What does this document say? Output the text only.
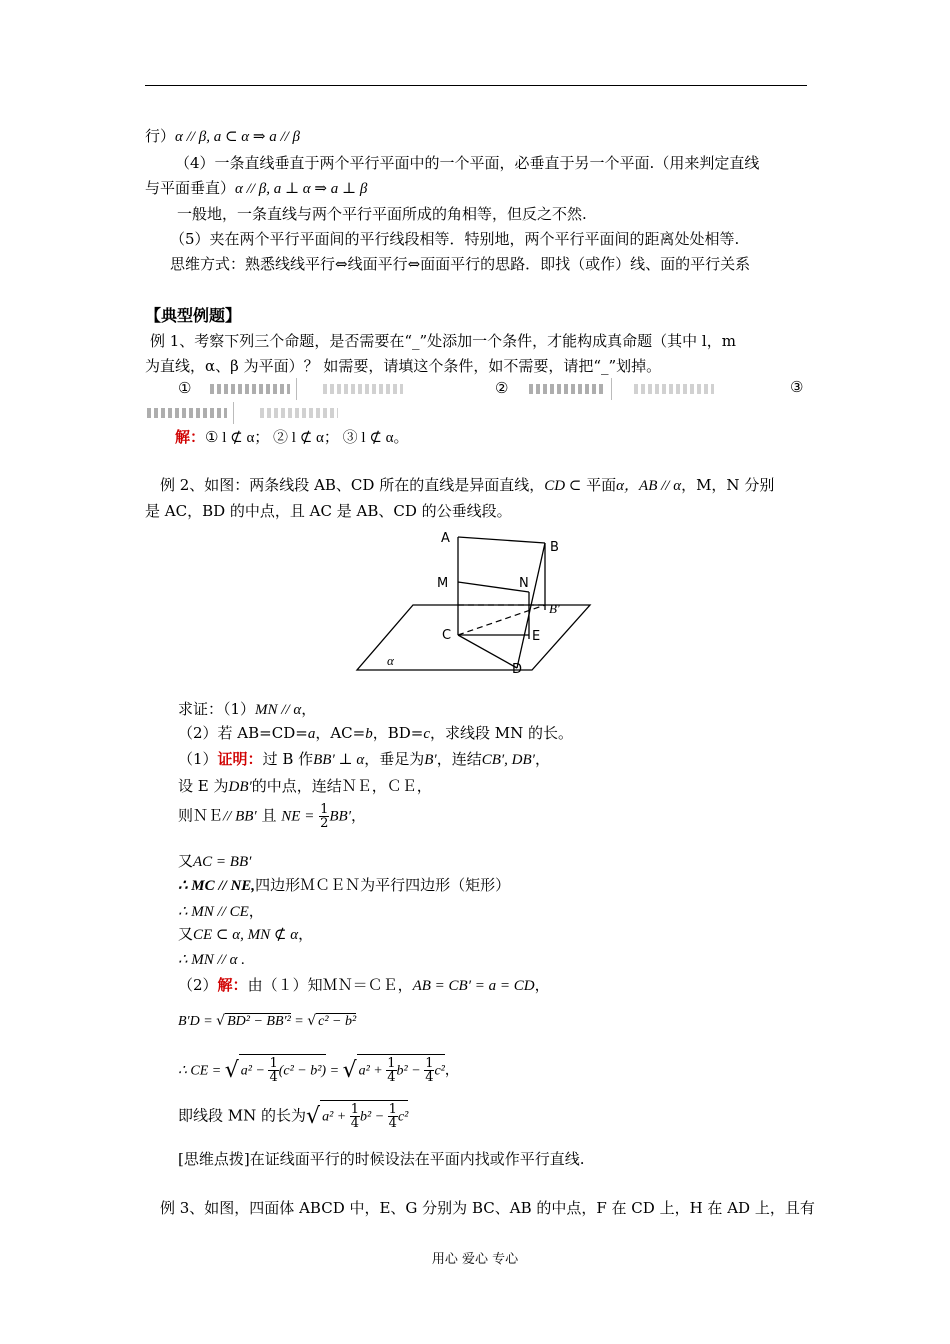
行）α // β, a ⊂ α ⇒ a // β
（4）一条直线垂直于两个平行平面中的一个平面，必垂直于另一个平面.（用来判定直线
与平面垂直）α // β, a ⊥ α ⇒ a ⊥ β
一般地，一条直线与两个平行平面所成的角相等，但反之不然.
（5）夹在两个平行平面间的平行线段相等．特别地，两个平行平面间的距离处处相等.
思维方式：熟悉线线平行⇔线面平行⇔面面平行的思路．即找（或作）线、面的平行关系
【典型例题】
例 1、考察下列三个命题，是否需要在“_”处添加一个条件，才能构成真命题（其中 l，m
为直线，α、β 为平面）？ 如需要，请填这个条件，如不需要，请把“_”划掉。
①	②	③
解：① l ⊄ α； ② l ⊄ α； ③ l ⊄ α。
例 2、如图：两条线段 AB、CD 所在的直线是异面直线，CD ⊂ 平面α，AB // α，M，N 分别
是 AC，BD 的中点，且 AC 是 AB、CD 的公垂线段。
A
B
M	N
B′
C	E
D
α
求证：（1）MN // α，
（2）若 AB=CD=a，AC=b，BD=c，求线段 MN 的长。
（1）证明：过 B 作BB′ ⊥ α，垂足为B′，连结CB′, DB′，
设 E 为DB′的中点，连结ＮＥ，ＣＥ，
则ＮＥ// BB′ 且 NE = $\frac{1}{2} BB'$，
又AC = BB′
∴ MC // NE,四边形ＭＣＥＮ为平行四边形（矩形）
∴ MN // CE，
又CE ⊂ α, MN ⊄ α，
∴ MN // α .
（2）解：由（１）知ＭＮ＝ＣＥ，AB = CB′ = a = CD，
B′D = √ BD² − BB′² = √ c² − b²
∴ CE = √ $a^2 - \frac{1}{4} (c^2 - b^2)$ = √ $a^2 + \frac{1}{4} b^2 - \frac{1}{4} c^2$，
即线段 MN 的长为√ $a^2 + \frac{1}{4} b^2 - \frac{1}{4} c^2$
[思维点拨]在证线面平行的时候设法在平面内找或作平行直线.
例 3、如图，四面体 ABCD 中，E、G 分别为 BC、AB 的中点，F 在 CD 上，H 在 AD 上，且有
用心 爱心 专心
